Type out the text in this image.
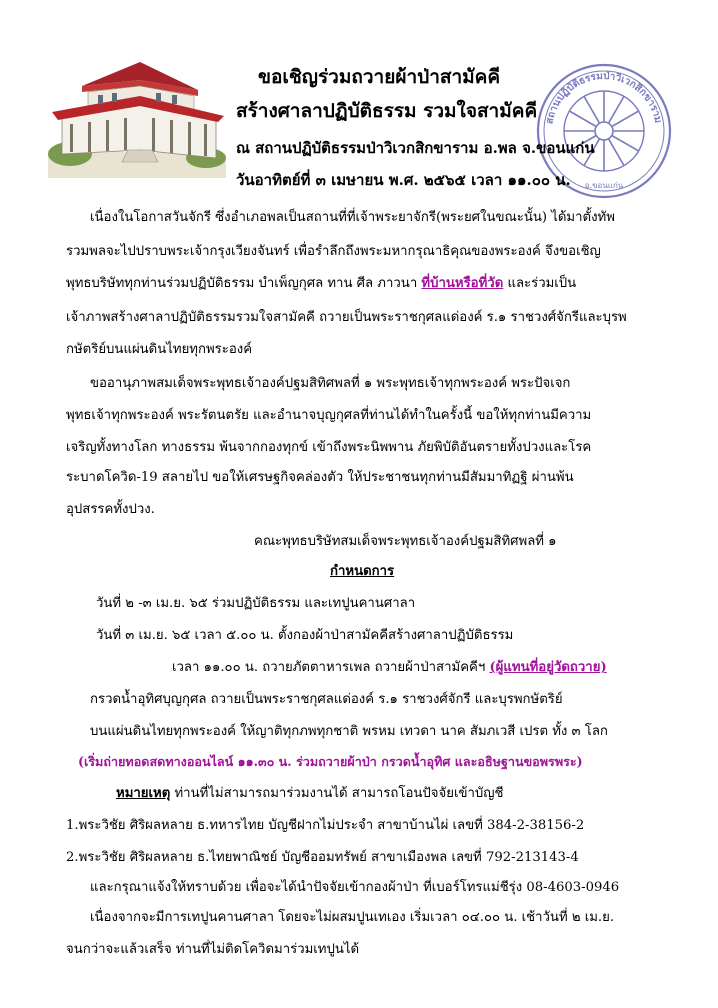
สถานปฏิบัติธรรมป่าวิเวกสิกขาราม
อ.ขอนแก่น
ขอเชิญร่วมถวายผ้าป่าสามัคคี
สร้างศาลาปฏิบัติธรรม รวมใจสามัคคี
ณ สถานปฏิบัติธรรมป่าวิเวกสิกขาราม อ.พล จ.ขอนแก่น
วันอาทิตย์ที่ ๓ เมษายน พ.ศ. ๒๕๖๕ เวลา ๑๑.๐๐ น.
เนื่องในโอกาสวันจักรี ซึ่งอำเภอพลเป็นสถานที่ที่เจ้าพระยาจักรี(พระยศในขณะนั้น) ได้มาตั้งทัพ
รวมพลจะไปปราบพระเจ้ากรุงเวียงจันทร์ เพื่อรำลึกถึงพระมหากรุณาธิคุณของพระองค์ จึงขอเชิญ
พุทธบริษัททุกท่านร่วมปฏิบัติธรรม บำเพ็ญกุศล ทาน ศีล ภาวนา ที่บ้านหรือที่วัด และร่วมเป็น
เจ้าภาพสร้างศาลาปฏิบัติธรรมรวมใจสามัคคี ถวายเป็นพระราชกุศลแด่องค์ ร.๑ ราชวงศ์จักรีและบุรพ
กษัตริย์บนแผ่นดินไทยทุกพระองค์
ขออานุภาพสมเด็จพระพุทธเจ้าองค์ปฐมสิทิศพลที่ ๑ พระพุทธเจ้าทุกพระองค์ พระปัจเจก
พุทธเจ้าทุกพระองค์ พระรัตนตรัย และอำนาจบุญกุศลที่ท่านได้ทำในครั้งนี้ ขอให้ทุกท่านมีความ
เจริญทั้งทางโลก ทางธรรม พ้นจากกองทุกข์ เข้าถึงพระนิพพาน ภัยพิบัติอันตรายทั้งปวงและโรค
ระบาดโควิด-19 สลายไป ขอให้เศรษฐกิจคล่องตัว ให้ประชาชนทุกท่านมีสัมมาทิฏฐิ ผ่านพ้น
อุปสรรคทั้งปวง.
คณะพุทธบริษัทสมเด็จพระพุทธเจ้าองค์ปฐมสิทิศพลที่ ๑
กำหนดการ
วันที่ ๒ -๓ เม.ย. ๖๕ ร่วมปฏิบัติธรรม และเทปูนคานศาลา
วันที่ ๓ เม.ย. ๖๕ เวลา ๕.๐๐ น. ตั้งกองผ้าป่าสามัคคีสร้างศาลาปฏิบัติธรรม
เวลา ๑๑.๐๐ น. ถวายภัตตาหารเพล ถวายผ้าป่าสามัคคีฯ (ผู้แทนที่อยู่วัดถวาย)
กรวดน้ำอุทิศบุญกุศล ถวายเป็นพระราชกุศลแด่องค์ ร.๑ ราชวงศ์จักรี และบุรพกษัตริย์
บนแผ่นดินไทยทุกพระองค์ ให้ญาติทุกภพทุกชาติ พรหม เทวดา นาค สัมภเวสี เปรต ทั้ง ๓ โลก
(เริ่มถ่ายทอดสดทางออนไลน์ ๑๑.๓๐ น. ร่วมถวายผ้าป่า กรวดน้ำอุทิศ และอธิษฐานขอพรพระ)
หมายเหตุ ท่านที่ไม่สามารถมาร่วมงานได้ สามารถโอนปัจจัยเข้าบัญชี
1.พระวิชัย ศิริผลหลาย ธ.ทหารไทย บัญชีฝากไม่ประจำ สาขาบ้านไผ่ เลขที่ 384-2-38156-2
2.พระวิชัย ศิริผลหลาย ธ.ไทยพาณิชย์ บัญชีออมทรัพย์ สาขาเมืองพล เลขที่ 792-213143-4
และกรุณาแจ้งให้ทราบด้วย เพื่อจะได้นำปัจจัยเข้ากองผ้าป่า ที่เบอร์โทรแม่ชีรุ่ง 08-4603-0946
เนื่องจากจะมีการเทปูนคานศาลา โดยจะไม่ผสมปูนเทเอง เริ่มเวลา ๐๔.๐๐ น. เช้าวันที่ ๒ เม.ย.
จนกว่าจะแล้วเสร็จ ท่านที่ไม่ติดโควิดมาร่วมเทปูนได้
